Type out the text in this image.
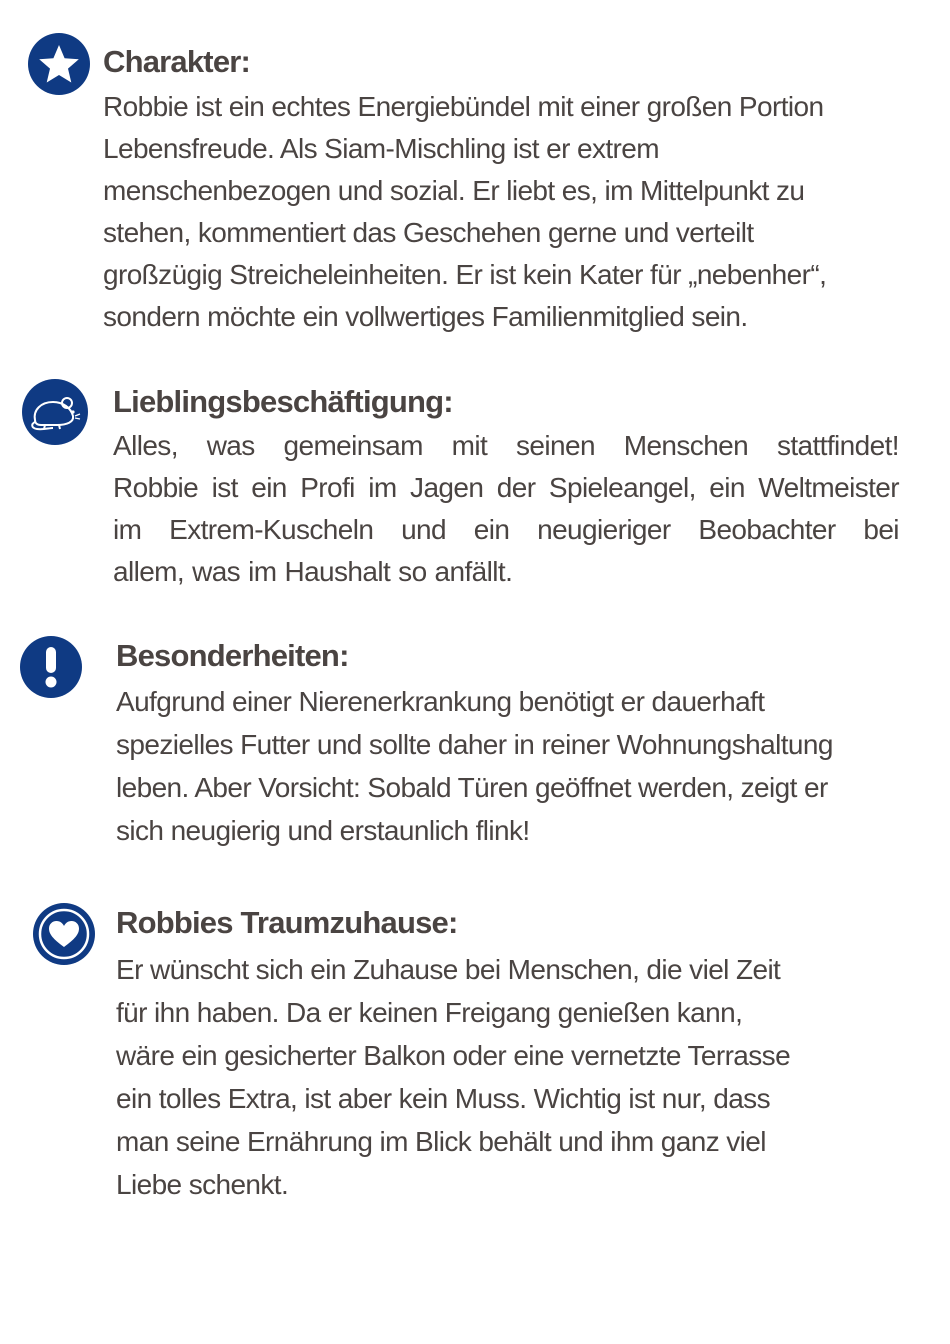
Charakter:
Robbie ist ein echtes Energiebündel mit einer großen Portion
Lebensfreude. Als Siam-Mischling ist er extrem
menschenbezogen und sozial. Er liebt es, im Mittelpunkt zu
stehen, kommentiert das Geschehen gerne und verteilt
großzügig Streicheleinheiten. Er ist kein Kater für „nebenher“,
sondern möchte ein vollwertiges Familienmitglied sein.
Lieblingsbeschäftigung:
Alles, was gemeinsam mit seinen Menschen stattfindet!
Robbie ist ein Profi im Jagen der Spieleangel, ein Weltmeister
im Extrem-Kuscheln und ein neugieriger Beobachter bei
allem, was im Haushalt so anfällt.
Besonderheiten:
Aufgrund einer Nierenerkrankung benötigt er dauerhaft
spezielles Futter und sollte daher in reiner Wohnungshaltung
leben. Aber Vorsicht: Sobald Türen geöffnet werden, zeigt er
sich neugierig und erstaunlich flink!
Robbies Traumzuhause:
Er wünscht sich ein Zuhause bei Menschen, die viel Zeit
für ihn haben. Da er keinen Freigang genießen kann,
wäre ein gesicherter Balkon oder eine vernetzte Terrasse
ein tolles Extra, ist aber kein Muss. Wichtig ist nur, dass
man seine Ernährung im Blick behält und ihm ganz viel
Liebe schenkt.
